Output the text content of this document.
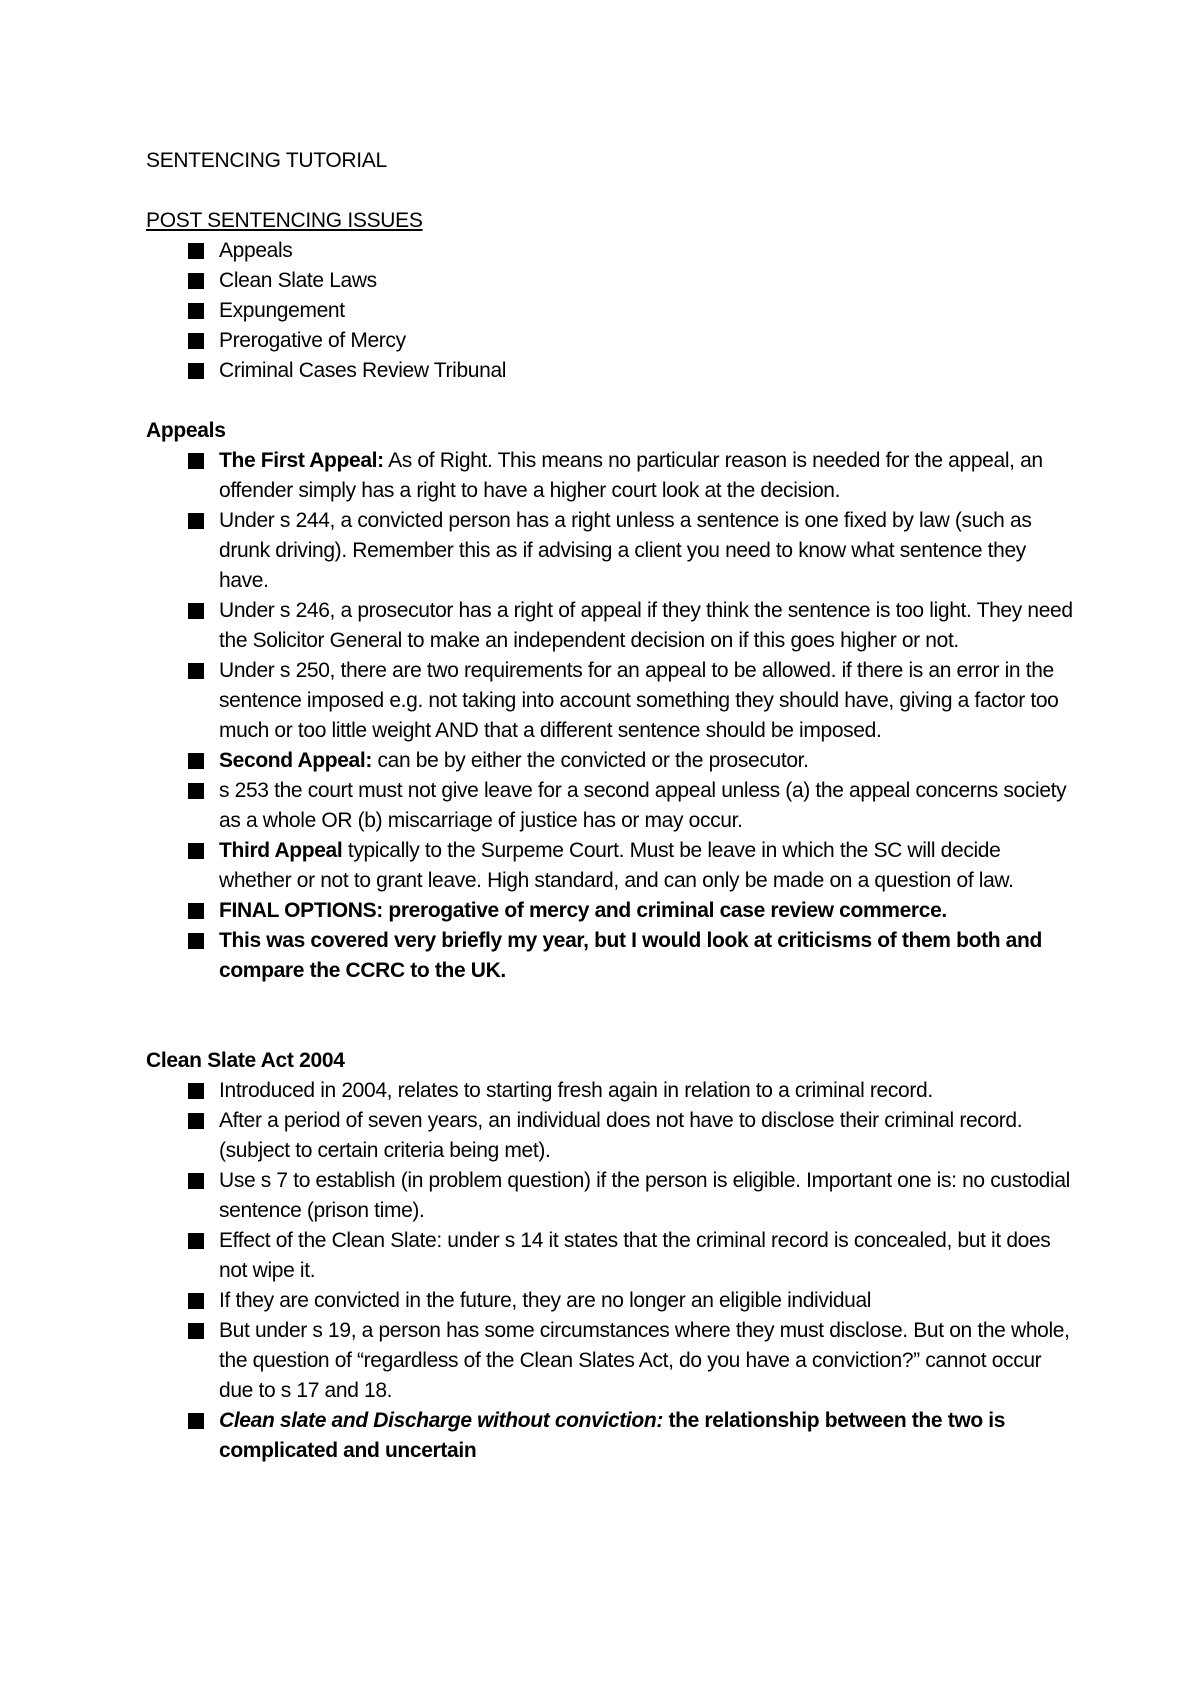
SENTENCING TUTORIAL
POST SENTENCING ISSUES
Appeals
Clean Slate Laws
Expungement
Prerogative of Mercy
Criminal Cases Review Tribunal
Appeals
The First Appeal: As of Right. This means no particular reason is needed for the appeal, an offender simply has a right to have a higher court look at the decision.
Under s 244, a convicted person has a right unless a sentence is one fixed by law (such as drunk driving). Remember this as if advising a client you need to know what sentence they have.
Under s 246, a prosecutor has a right of appeal if they think the sentence is too light. They need the Solicitor General to make an independent decision on if this goes higher or not.
Under s 250, there are two requirements for an appeal to be allowed. if there is an error in the sentence imposed e.g. not taking into account something they should have, giving a factor too much or too little weight AND that a different sentence should be imposed.
Second Appeal: can be by either the convicted or the prosecutor.
s 253 the court must not give leave for a second appeal unless (a) the appeal concerns society as a whole OR (b) miscarriage of justice has or may occur.
Third Appeal typically to the Surpeme Court. Must be leave in which the SC will decide whether or not to grant leave. High standard, and can only be made on a question of law.
FINAL OPTIONS: prerogative of mercy and criminal case review commerce.
This was covered very briefly my year, but I would look at criticisms of them both and compare the CCRC to the UK.
Clean Slate Act 2004
Introduced in 2004, relates to starting fresh again in relation to a criminal record.
After a period of seven years, an individual does not have to disclose their criminal record. (subject to certain criteria being met).
Use s 7 to establish (in problem question) if the person is eligible. Important one is: no custodial sentence (prison time).
Effect of the Clean Slate: under s 14 it states that the criminal record is concealed, but it does not wipe it.
If they are convicted in the future, they are no longer an eligible individual
But under s 19, a person has some circumstances where they must disclose. But on the whole, the question of “regardless of the Clean Slates Act, do you have a conviction?” cannot occur due to s 17 and 18.
Clean slate and Discharge without conviction: the relationship between the two is complicated and uncertain
